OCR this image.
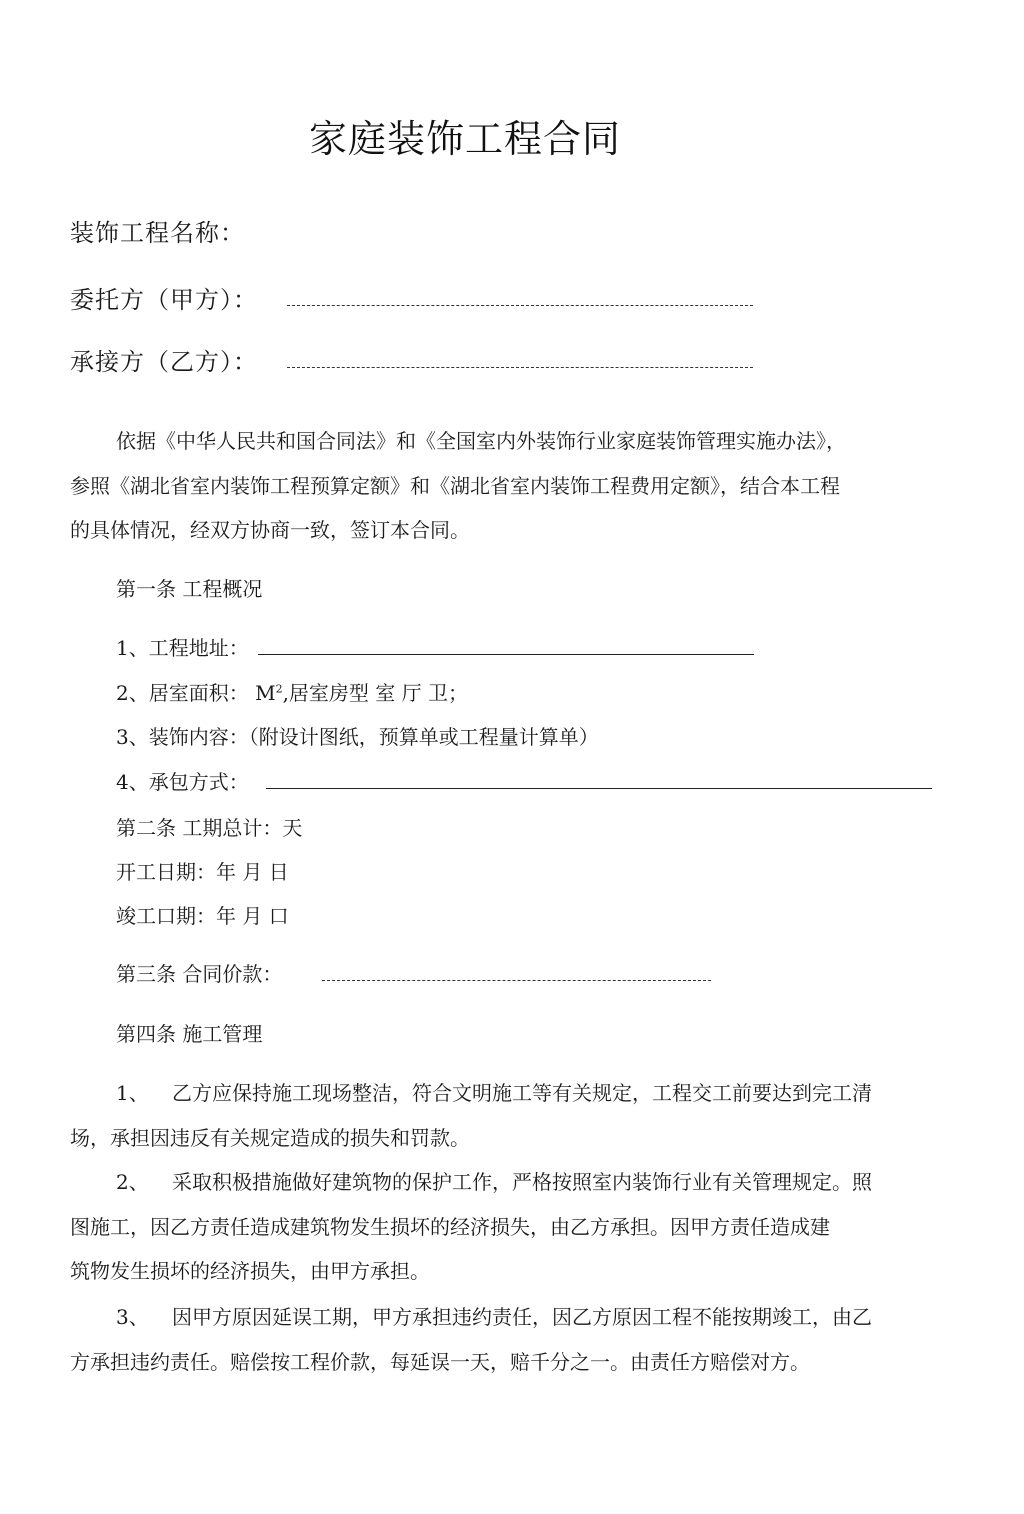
家庭装饰工程合同
装饰工程名称：
委托方（甲方）：
承接方（乙方）：
依据《中华人民共和国合同法》和《全国室内外装饰行业家庭装饰管理实施办法》，
参照《湖北省室内装饰工程预算定额》和《湖北省室内装饰工程费用定额》，结合本工程
的具体情况，经双方协商一致，签订本合同。
第一条 工程概况
1、工程地址：
2、居室面积： $M^2$,居室房型 室 厅 卫；
3、装饰内容：（附设计图纸，预算单或工程量计算单）
4、承包方式：
第二条 工期总计：天
开工日期：年 月 日
竣工口期：年 月 口
第三条 合同价款：
第四条 施工管理
1、 乙方应保持施工现场整洁，符合文明施工等有关规定，工程交工前要达到完工清
场，承担因违反有关规定造成的损失和罚款。
2、 采取积极措施做好建筑物的保护工作，严格按照室内装饰行业有关管理规定。照
图施工，因乙方责任造成建筑物发生损坏的经济损失，由乙方承担。因甲方责任造成建
筑物发生损坏的经济损失，由甲方承担。
3、 因甲方原因延误工期，甲方承担违约责任，因乙方原因工程不能按期竣工，由乙
方承担违约责任。赔偿按工程价款，每延误一天，赔千分之一。由责任方赔偿对方。
